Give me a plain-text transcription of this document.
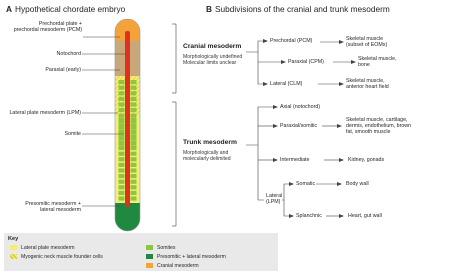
A Hypothetical chordate embryo	B Subdivisions of the cranial and trunk mesoderm
Prechordal plate +
prechordal mesoderm (PCM)
Notochord
Paraxial (early)
Lateral plate mesoderm (LPM)
Somite
Presomitic mesoderm +
lateral mesoderm
Cranial mesoderm
Morphologically undefined
Molecular limits unclear
Prechordal (PCM)
Paraxial (CPM)
Lateral (CLM)
Skeletal muscle
(subset of EOMs)
Skeletal muscle,
bone
Skeletal muscle,
anterior heart field
Trunk mesoderm
Morphologically and
molecularly delimited
Axial (notochord)
Paraxial/somitic
Skeletal muscle, cartilage,
dermis, endothelium, brown
fat, smooth muscle
Intermediate	Kidney, gonads
Lateral
(LPM)
Somatic	Body wall
Splanchnic	Heart, gut wall
Key
Lateral plate mesoderm	Somites
Myogenic neck muscle founder cells	Presomitic + lateral mesoderm
Cranial mesoderm
